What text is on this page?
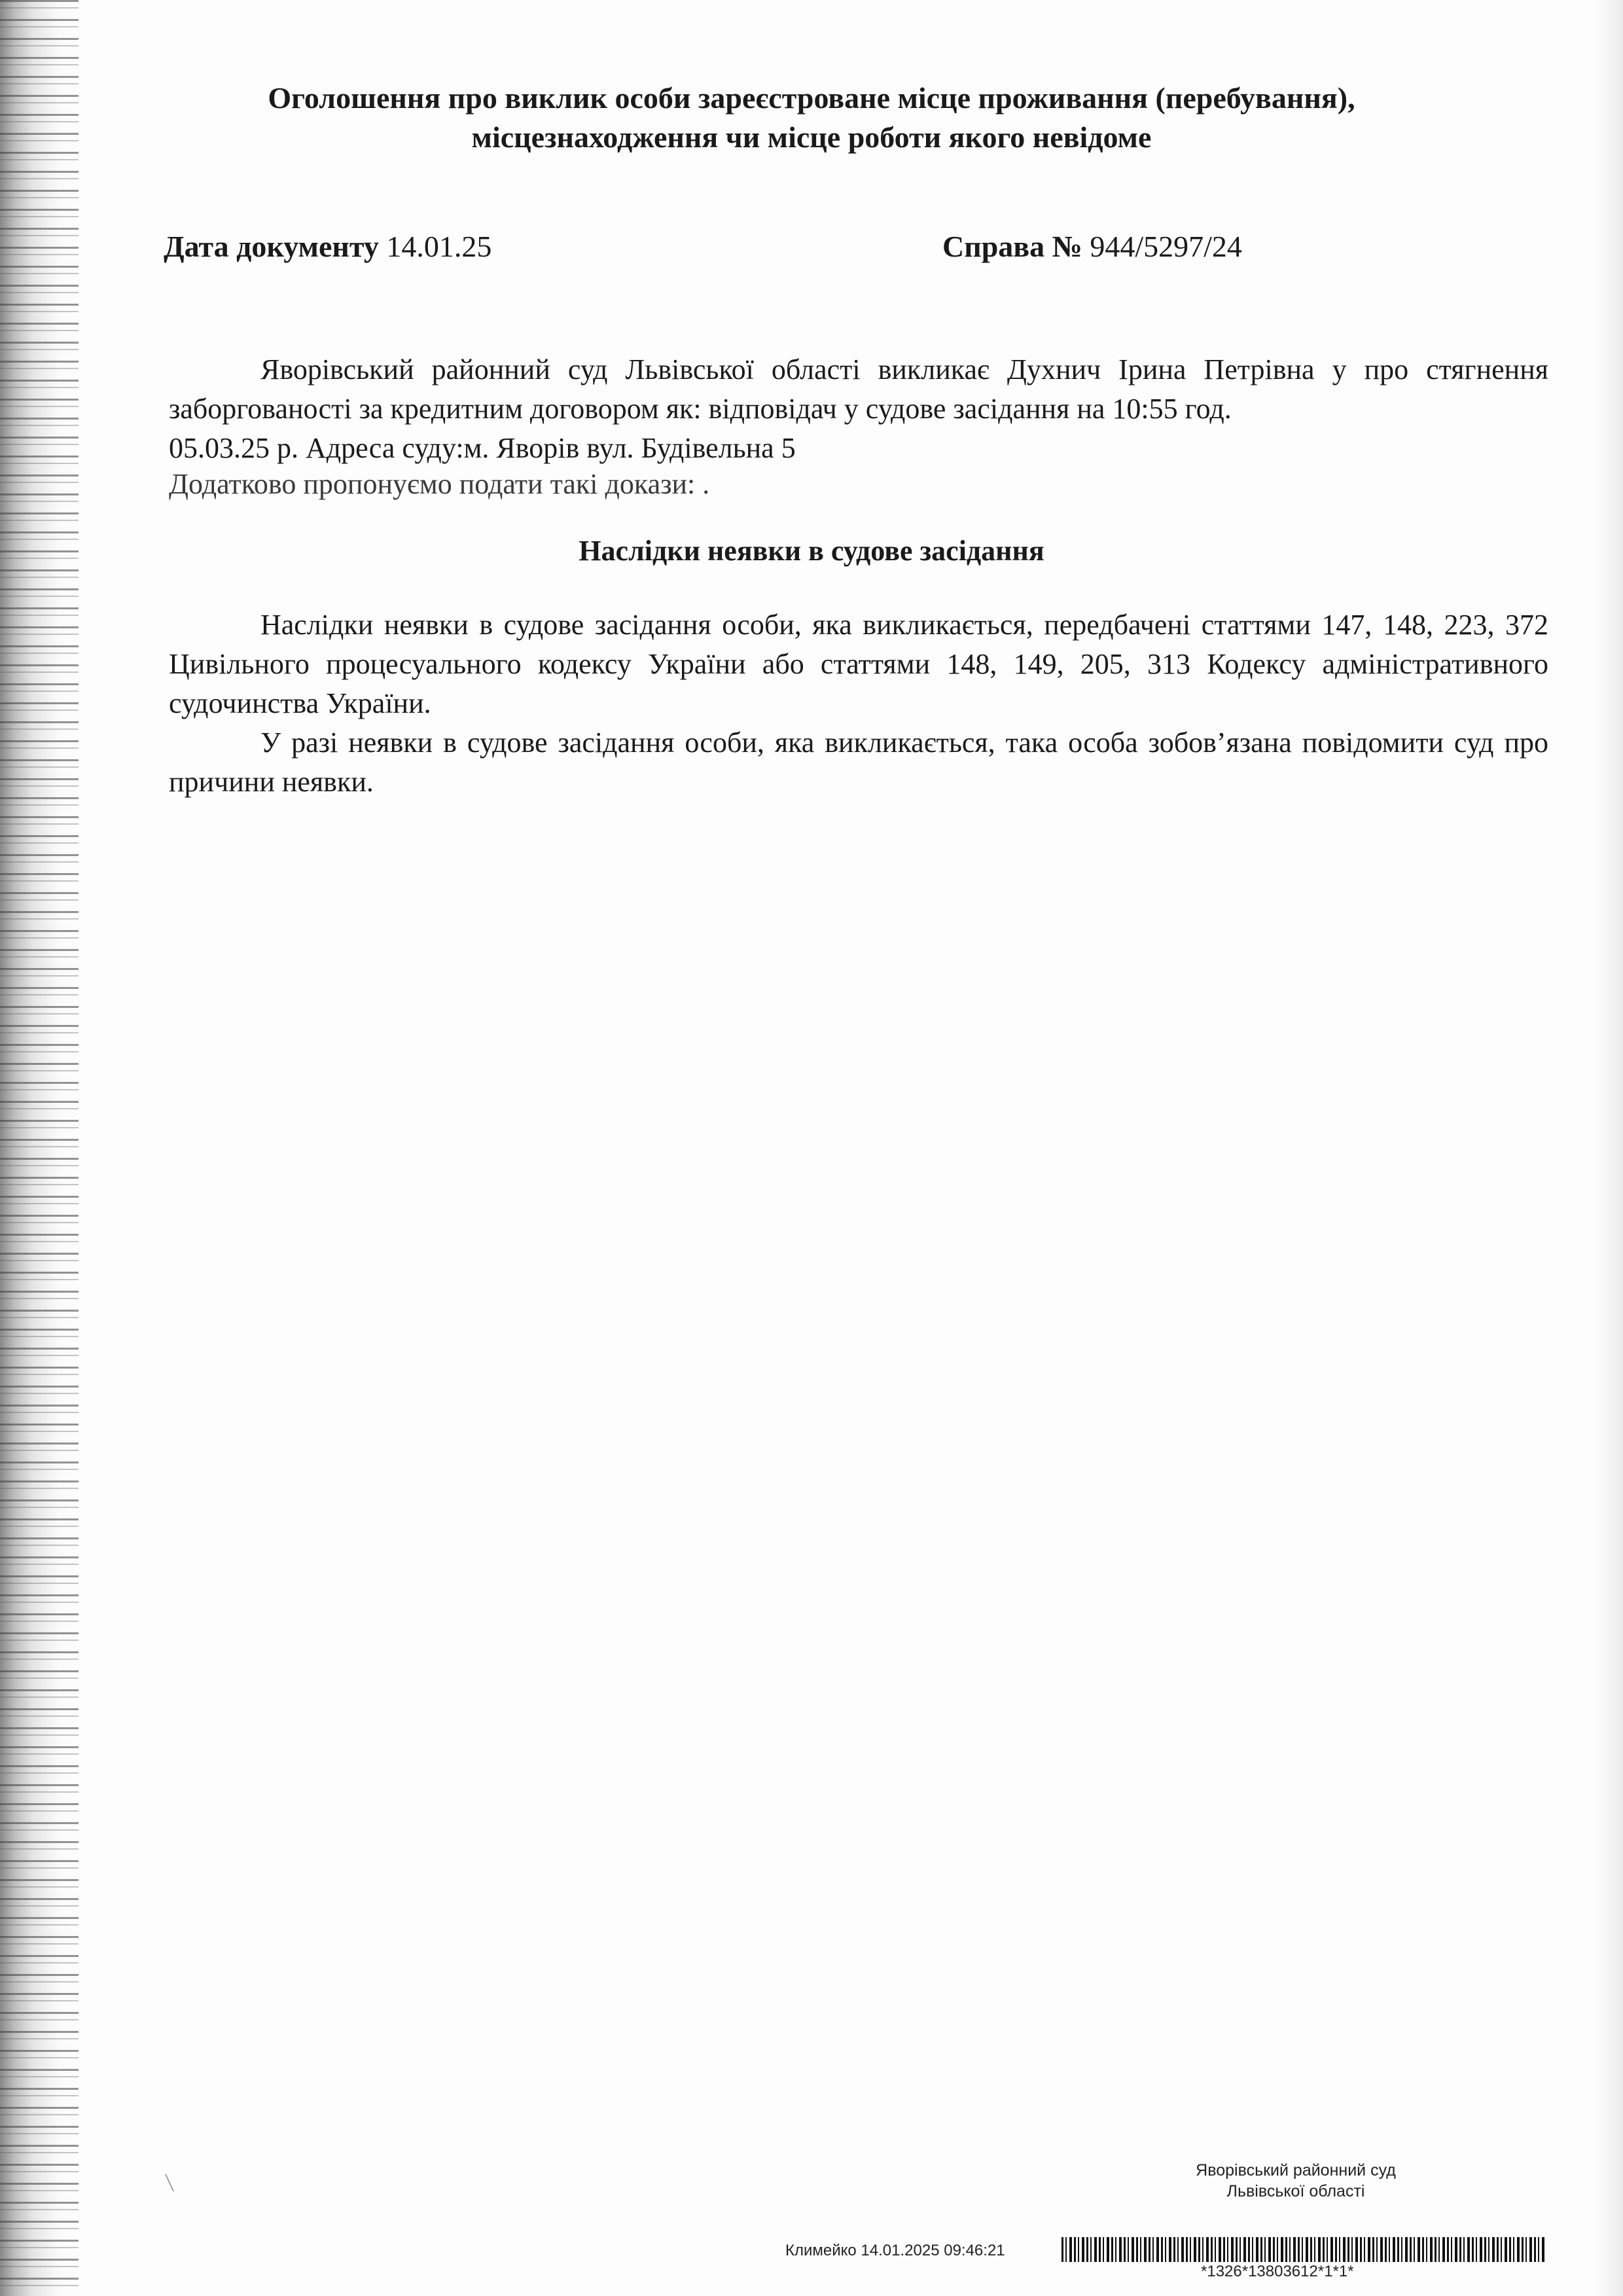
Оголошення про виклик особи зареєстроване місце проживання (перебування),
місцезнаходження чи місце роботи якого невідоме
Дата документу 14.01.25	Справа № 944/5297/24
Яворівський районний суд Львівської області викликає Духнич Ірина Петрівна у про стягнення заборгованості за кредитним договором як: відповідач у судове засідання на 10:55 год.
05.03.25 р. Адреса суду:м. Яворів вул. Будівельна 5
Додатково пропонуємо подати такі докази: .
Наслідки неявки в судове засідання
Наслідки неявки в судове засідання особи, яка викликається, передбачені статтями 147, 148, 223, 372 Цивільного процесуального кодексу України або статтями 148, 149, 205, 313 Кодексу адміністративного судочинства України.
У разі неявки в судове засідання особи, яка викликається, така особа зобов’язана повідомити суд про причини неявки.
Яворівський районний суд
Львівської області
Климейко 14.01.2025 09:46:21
*1326*13803612*1*1*
